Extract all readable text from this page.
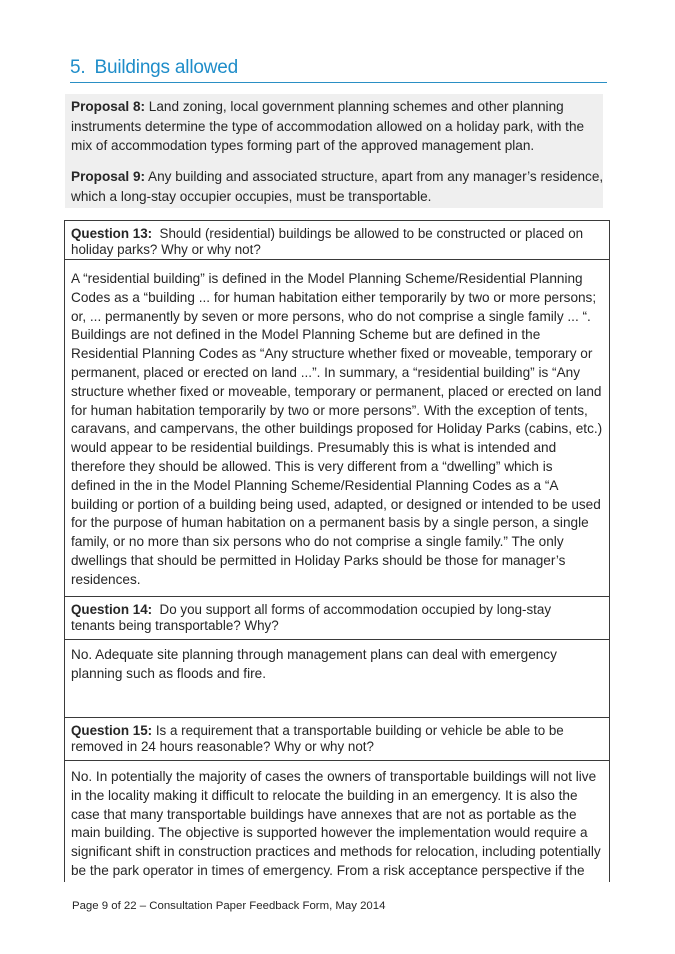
5. Buildings allowed
Proposal 8: Land zoning, local government planning schemes and other planning
instruments determine the type of accommodation allowed on a holiday park, with the
mix of accommodation types forming part of the approved management plan.
Proposal 9: Any building and associated structure, apart from any manager’s residence,
which a long-stay occupier occupies, must be transportable.
Question 13:  Should (residential) buildings be allowed to be constructed or placed on
holiday parks? Why or why not?
A “residential building” is defined in the Model Planning Scheme/Residential Planning
Codes as a “building ... for human habitation either temporarily by two or more persons;
or, ... permanently by seven or more persons, who do not comprise a single family ... “.
Buildings are not defined in the Model Planning Scheme but are defined in the
Residential Planning Codes as “Any structure whether fixed or moveable, temporary or
permanent, placed or erected on land ...”. In summary, a “residential building” is “Any
structure whether fixed or moveable, temporary or permanent, placed or erected on land
for human habitation temporarily by two or more persons”. With the exception of tents,
caravans, and campervans, the other buildings proposed for Holiday Parks (cabins, etc.)
would appear to be residential buildings. Presumably this is what is intended and
therefore they should be allowed. This is very different from a “dwelling” which is
defined in the in the Model Planning Scheme/Residential Planning Codes as a “A
building or portion of a building being used, adapted, or designed or intended to be used
for the purpose of human habitation on a permanent basis by a single person, a single
family, or no more than six persons who do not comprise a single family.” The only
dwellings that should be permitted in Holiday Parks should be those for manager’s
residences.
Question 14:  Do you support all forms of accommodation occupied by long-stay
tenants being transportable? Why?
No. Adequate site planning through management plans can deal with emergency
planning such as floods and fire.
Question 15: Is a requirement that a transportable building or vehicle be able to be
removed in 24 hours reasonable? Why or why not?
No. In potentially the majority of cases the owners of transportable buildings will not live
in the locality making it difficult to relocate the building in an emergency. It is also the
case that many transportable buildings have annexes that are not as portable as the
main building. The objective is supported however the implementation would require a
significant shift in construction practices and methods for relocation, including potentially
be the park operator in times of emergency. From a risk acceptance perspective if the
Page 9 of 22 – Consultation Paper Feedback Form, May 2014
